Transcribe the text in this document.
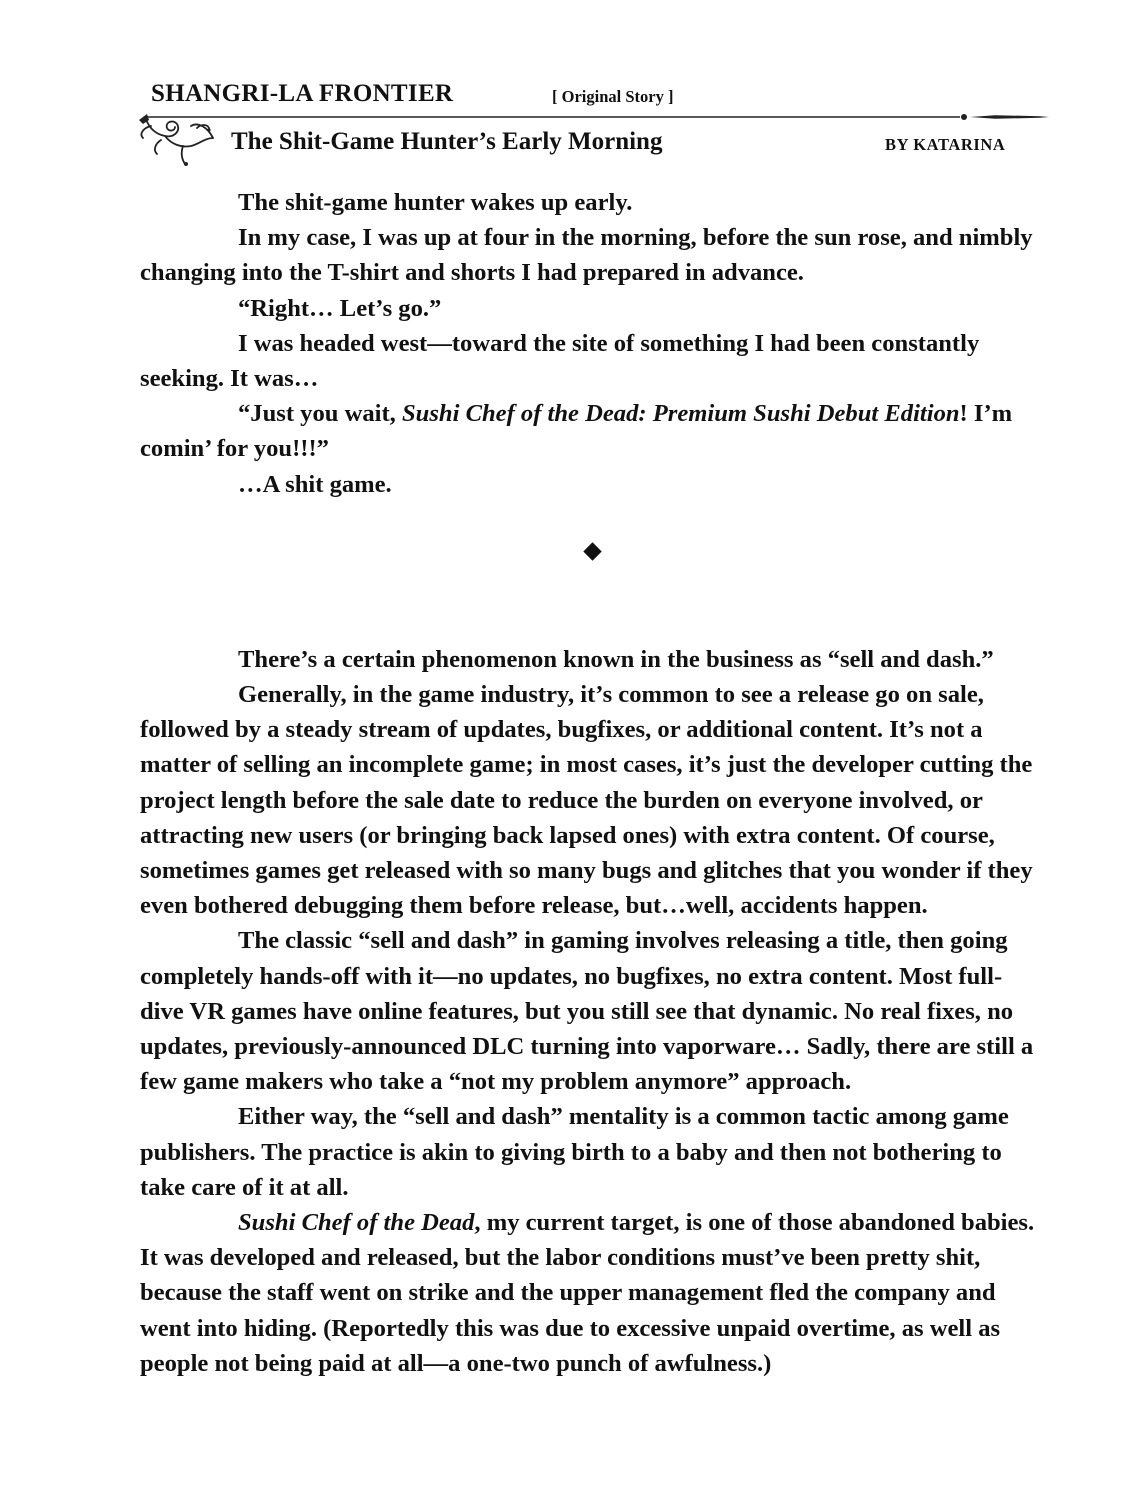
SHANGRI-LA FRONTIER	[ Original Story ]
The Shit-Game Hunter’s Early Morning	BY KATARINA

The shit-game hunter wakes up early.

In my case, I was up at four in the morning, before the sun rose, and nimbly changing into the T-shirt and shorts I had prepared in advance.

“Right… Let’s go.”

I was headed west—toward the site of something I had been constantly seeking. It was…

“Just you wait, Sushi Chef of the Dead: Premium Sushi Debut Edition! I’m comin’ for you!!!”

…A shit game.

There’s a certain phenomenon known in the business as “sell and dash.”

Generally, in the game industry, it’s common to see a release go on sale, followed by a steady stream of updates, bugfixes, or additional content. It’s not a matter of selling an incomplete game; in most cases, it’s just the developer cutting the project length before the sale date to reduce the burden on everyone involved, or attracting new users (or bringing back lapsed ones) with extra content. Of course, sometimes games get released with so many bugs and glitches that you wonder if they even bothered debugging them before release, but…well, accidents happen.

The classic “sell and dash” in gaming involves releasing a title, then going completely hands-off with it—no updates, no bugfixes, no extra content. Most full-dive VR games have online features, but you still see that dynamic. No real fixes, no updates, previously-announced DLC turning into vaporware… Sadly, there are still a few game makers who take a “not my problem anymore” approach.

Either way, the “sell and dash” mentality is a common tactic among game publishers. The practice is akin to giving birth to a baby and then not bothering to take care of it at all.

Sushi Chef of the Dead, my current target, is one of those abandoned babies. It was developed and released, but the labor conditions must’ve been pretty shit, because the staff went on strike and the upper management fled the company and went into hiding. (Reportedly this was due to excessive unpaid overtime, as well as people not being paid at all—a one-two punch of awfulness.)
